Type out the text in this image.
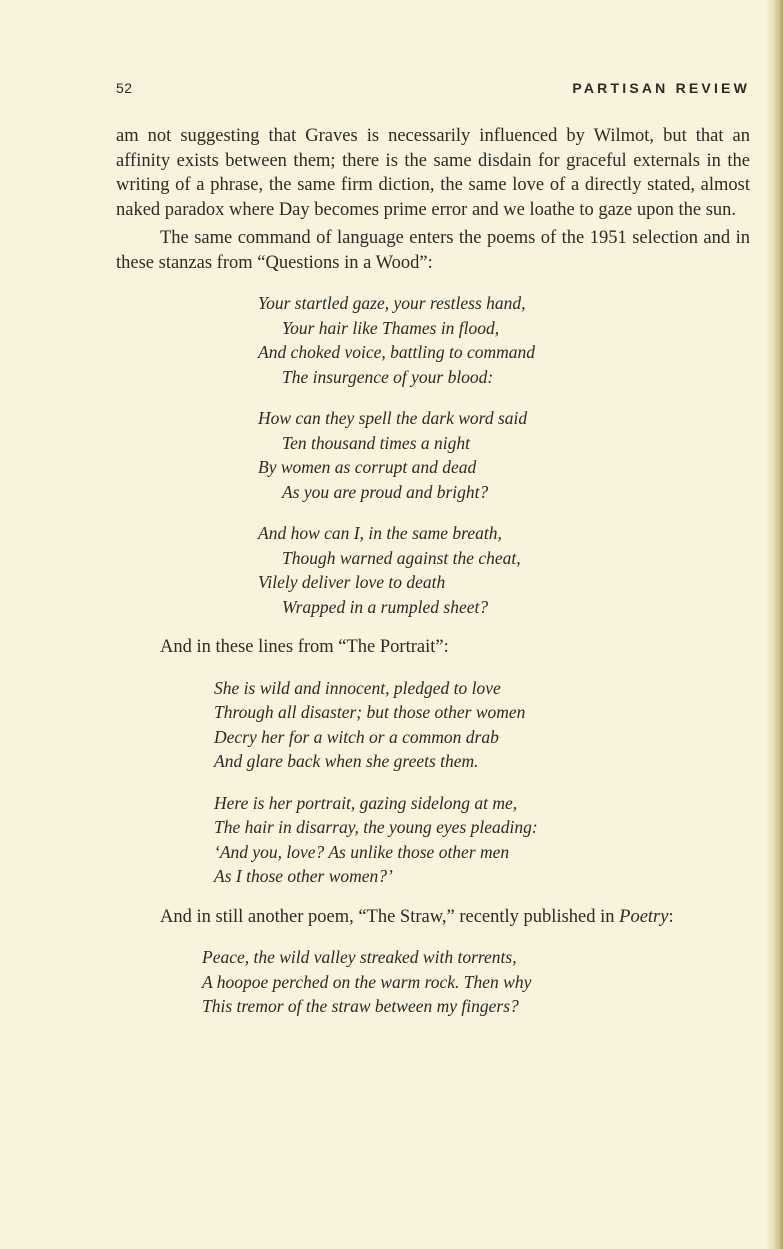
52	PARTISAN REVIEW

am not suggesting that Graves is necessarily influenced by Wilmot, but that an affinity exists between them; there is the same disdain for graceful externals in the writing of a phrase, the same firm diction, the same love of a directly stated, almost naked paradox where Day becomes prime error and we loathe to gaze upon the sun.

The same command of language enters the poems of the 1951 selection and in these stanzas from “Questions in a Wood”:

Your startled gaze, your restless hand,
Your hair like Thames in flood,
And choked voice, battling to command
The insurgence of your blood:
How can they spell the dark word said
Ten thousand times a night
By women as corrupt and dead
As you are proud and bright?
And how can I, in the same breath,
Though warned against the cheat,
Vilely deliver love to death
Wrapped in a rumpled sheet?

And in these lines from “The Portrait”:

She is wild and innocent, pledged to love
Through all disaster; but those other women
Decry her for a witch or a common drab
And glare back when she greets them.
Here is her portrait, gazing sidelong at me,
The hair in disarray, the young eyes pleading:
‘And you, love? As unlike those other men
As I those other women?’

And in still another poem, “The Straw,” recently published in Poetry:

Peace, the wild valley streaked with torrents,
A hoopoe perched on the warm rock. Then why
This tremor of the straw between my fingers?
